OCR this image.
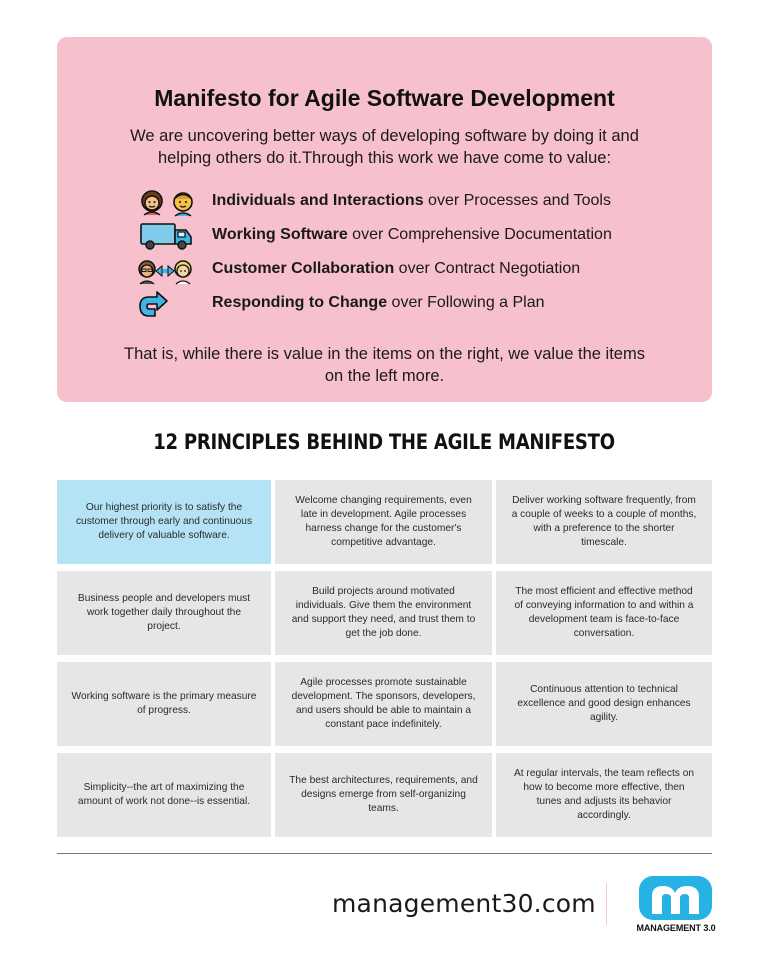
Manifesto for Agile Software Development
We are uncovering better ways of developing software by doing it and helping others do it.Through this work we have come to value:
Individuals and Interactions over Processes and Tools
Working Software over Comprehensive Documentation
Customer Collaboration over Contract Negotiation
Responding to Change over Following a Plan
That is, while there is value in the items on the right, we value the items on the left more.
12 PRINCIPLES BEHIND THE AGILE MANIFESTO
Our highest priority is to satisfy the customer through early and continuous delivery of valuable software.
Welcome changing requirements, even late in development. Agile processes harness change for the customer's competitive advantage.
Deliver working software frequently, from a couple of weeks to a couple of months, with a preference to the shorter timescale.
Business people and developers must work together daily throughout the project.
Build projects around motivated individuals. Give them the environment and support they need, and trust them to get the job done.
The most efficient and effective method of conveying information to and within a development team is face-to-face conversation.
Working software is the primary measure of progress.
Agile processes promote sustainable development. The sponsors, developers, and users should be able to maintain a constant pace indefinitely.
Continuous attention to technical excellence and good design enhances agility.
Simplicity--the art of maximizing the amount of work not done--is essential.
The best architectures, requirements, and designs emerge from self-organizing teams.
At regular intervals, the team reflects on how to become more effective, then tunes and adjusts its behavior accordingly.
management30.com
MANAGEMENT 3.0
